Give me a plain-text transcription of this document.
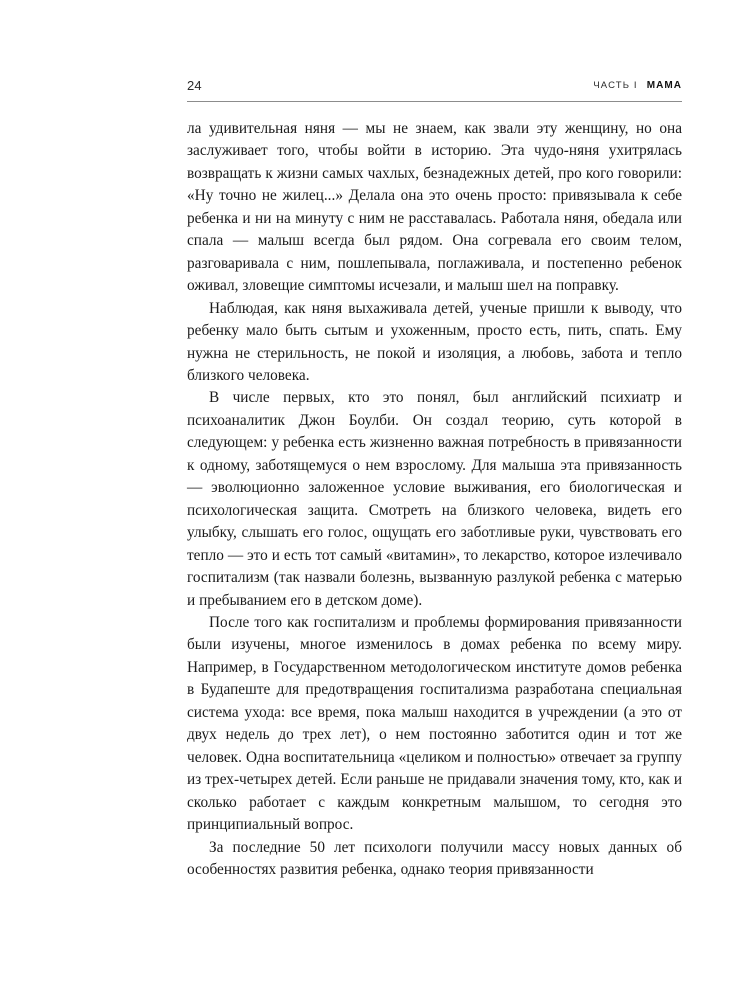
24	ЧАСТЬ I МАМА

ла удивительная няня — мы не знаем, как звали эту женщину, но она заслуживает того, чтобы войти в историю. Эта чудо-няня ухитрялась возвращать к жизни самых чахлых, безнадежных детей, про кого говорили: «Ну точно не жилец...» Делала она это очень просто: привязывала к себе ребенка и ни на минуту с ним не расставалась. Работала няня, обедала или спала — малыш всегда был рядом. Она согревала его своим телом, разговаривала с ним, пошлепывала, поглаживала, и постепенно ребенок оживал, зловещие симптомы исчезали, и малыш шел на поправку.

Наблюдая, как няня выхаживала детей, ученые пришли к выводу, что ребенку мало быть сытым и ухоженным, просто есть, пить, спать. Ему нужна не стерильность, не покой и изоляция, а любовь, забота и тепло близкого человека.

В числе первых, кто это понял, был английский психиатр и психоаналитик Джон Боулби. Он создал теорию, суть которой в следующем: у ребенка есть жизненно важная потребность в привязанности к одному, заботящемуся о нем взрослому. Для малыша эта привязанность — эволюционно заложенное условие выживания, его биологическая и психологическая защита. Смотреть на близкого человека, видеть его улыбку, слышать его голос, ощущать его заботливые руки, чувствовать его тепло — это и есть тот самый «витамин», то лекарство, которое излечивало госпитализм (так назвали болезнь, вызванную разлукой ребенка с матерью и пребыванием его в детском доме).

После того как госпитализм и проблемы формирования привязанности были изучены, многое изменилось в домах ребенка по всему миру. Например, в Государственном методологическом институте домов ребенка в Будапеште для предотвращения госпитализма разработана специальная система ухода: все время, пока малыш находится в учреждении (а это от двух недель до трех лет), о нем постоянно заботится один и тот же человек. Одна воспитательница «целиком и полностью» отвечает за группу из трех-четырех детей. Если раньше не придавали значения тому, кто, как и сколько работает с каждым конкретным малышом, то сегодня это принципиальный вопрос.

За последние 50 лет психологи получили массу новых данных об особенностях развития ребенка, однако теория привязанности
